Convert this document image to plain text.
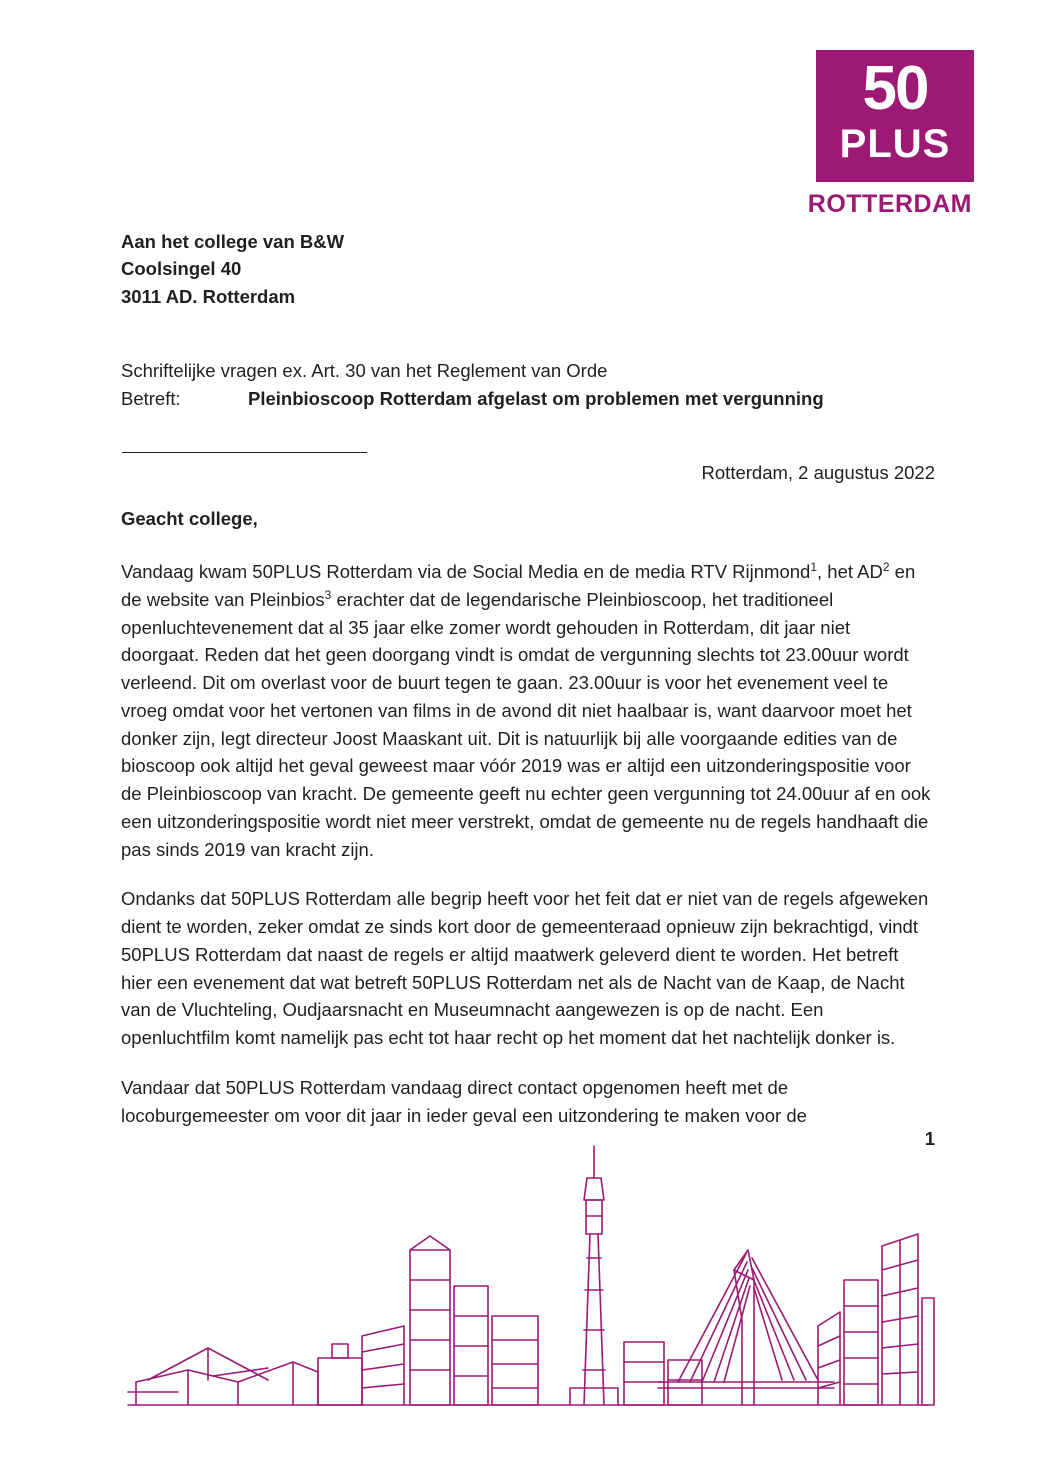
50
PLUS
ROTTERDAM
Aan het college van B&W
Coolsingel 40
3011 AD. Rotterdam
Schriftelijke vragen ex. Art. 30 van het Reglement van Orde
Betreft:	Pleinbioscoop Rotterdam afgelast om problemen met vergunning
Rotterdam, 2 augustus 2022
Geacht college,

Vandaag kwam 50PLUS Rotterdam via de Social Media en de media RTV Rijnmond$^1$, het $AD^2$ en de website van Pleinbios$^3$ erachter dat de legendarische Pleinbioscoop, het traditioneel openluchtevenement dat al 35 jaar elke zomer wordt gehouden in Rotterdam, dit jaar niet doorgaat. Reden dat het geen doorgang vindt is omdat de vergunning slechts tot 23.00uur wordt verleend. Dit om overlast voor de buurt tegen te gaan. 23.00uur is voor het evenement veel te vroeg omdat voor het vertonen van films in de avond dit niet haalbaar is, want daarvoor moet het donker zijn, legt directeur Joost Maaskant uit. Dit is natuurlijk bij alle voorgaande edities van de bioscoop ook altijd het geval geweest maar vóór 2019 was er altijd een uitzonderingspositie voor de Pleinbioscoop van kracht. De gemeente geeft nu echter geen vergunning tot 24.00uur af en ook een uitzonderingspositie wordt niet meer verstrekt, omdat de gemeente nu de regels handhaaft die pas sinds 2019 van kracht zijn.

Ondanks dat 50PLUS Rotterdam alle begrip heeft voor het feit dat er niet van de regels afgeweken dient te worden, zeker omdat ze sinds kort door de gemeenteraad opnieuw zijn bekrachtigd, vindt 50PLUS Rotterdam dat naast de regels er altijd maatwerk geleverd dient te worden. Het betreft hier een evenement dat wat betreft 50PLUS Rotterdam net als de Nacht van de Kaap, de Nacht van de Vluchteling, Oudjaarsnacht en Museumnacht aangewezen is op de nacht. Een openluchtfilm komt namelijk pas echt tot haar recht op het moment dat het nachtelijk donker is.

Vandaar dat 50PLUS Rotterdam vandaag direct contact opgenomen heeft met de locoburgemeester om voor dit jaar in ieder geval een uitzondering te maken voor de

1
